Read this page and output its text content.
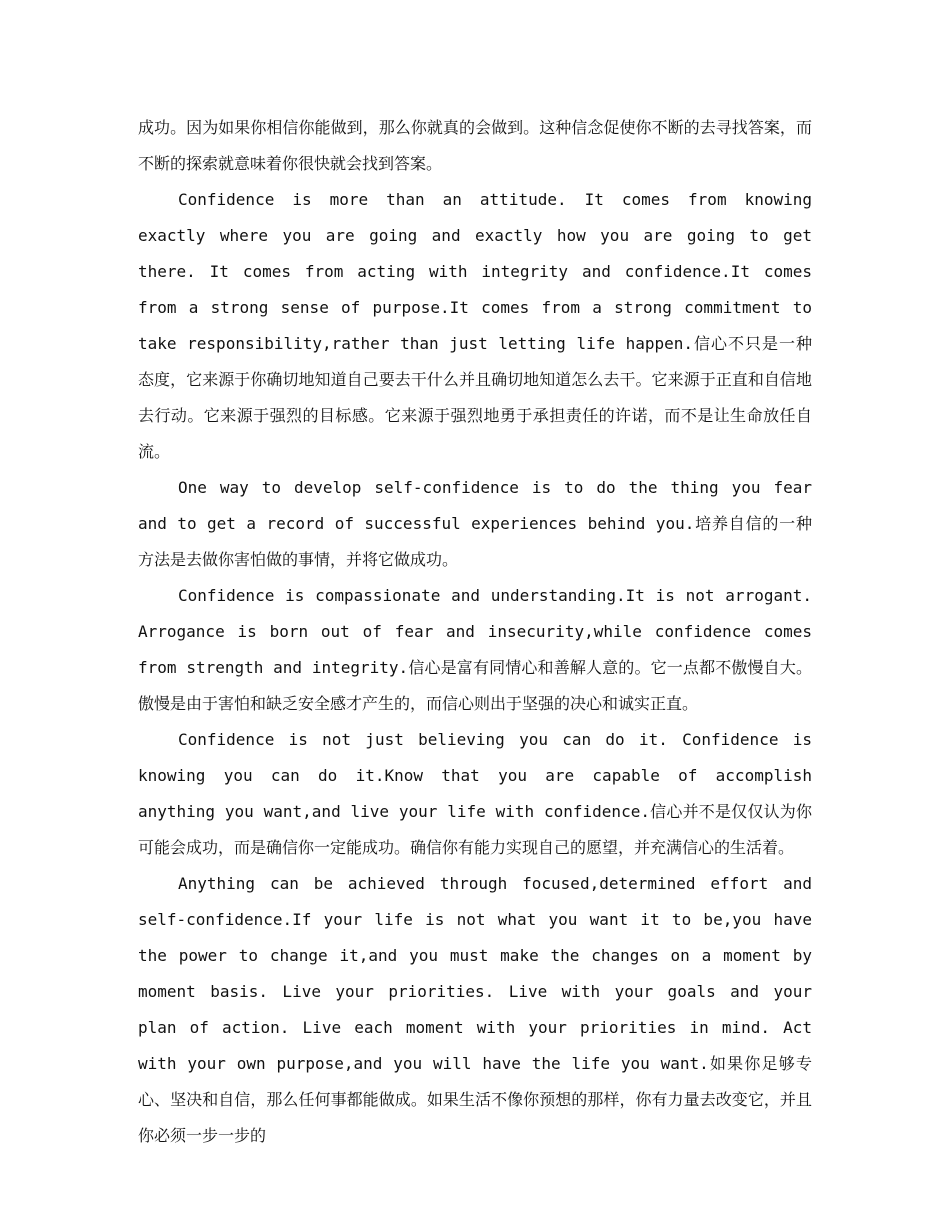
成功。因为如果你相信你能做到，那么你就真的会做到。这种信念促使你不断的去寻找答案，而不断的探索就意味着你很快就会找到答案。

Confidence is more than an attitude. It comes from knowing exactly where you are going and exactly how you are going to get there. It comes from acting with integrity and confidence.It comes from a strong sense of purpose.It comes from a strong commitment to take responsibility,rather than just letting life happen.信心不只是一种态度，它来源于你确切地知道自己要去干什么并且确切地知道怎么去干。它来源于正直和自信地去行动。它来源于强烈的目标感。它来源于强烈地勇于承担责任的许诺，而不是让生命放任自流。

One way to develop self-confidence is to do the thing you fear and to get a record of successful experiences behind you.培养自信的一种方法是去做你害怕做的事情，并将它做成功。

Confidence is compassionate and understanding.It is not arrogant. Arrogance is born out of fear and insecurity,while confidence comes from strength and integrity.信心是富有同情心和善解人意的。它一点都不傲慢自大。傲慢是由于害怕和缺乏安全感才产生的，而信心则出于坚强的决心和诚实正直。

Confidence is not just believing you can do it. Confidence is knowing you can do it.Know that you are capable of accomplish anything you want,and live your life with confidence.信心并不是仅仅认为你可能会成功，而是确信你一定能成功。确信你有能力实现自己的愿望，并充满信心的生活着。

Anything can be achieved through focused,determined effort and self-confidence.If your life is not what you want it to be,you have the power to change it,and you must make the changes on a moment by moment basis. Live your priorities. Live with your goals and your plan of action. Live each moment with your priorities in mind. Act with your own purpose,and you will have the life you want.如果你足够专心、坚决和自信，那么任何事都能做成。如果生活不像你预想的那样，你有力量去改变它，并且你必须一步一步的
